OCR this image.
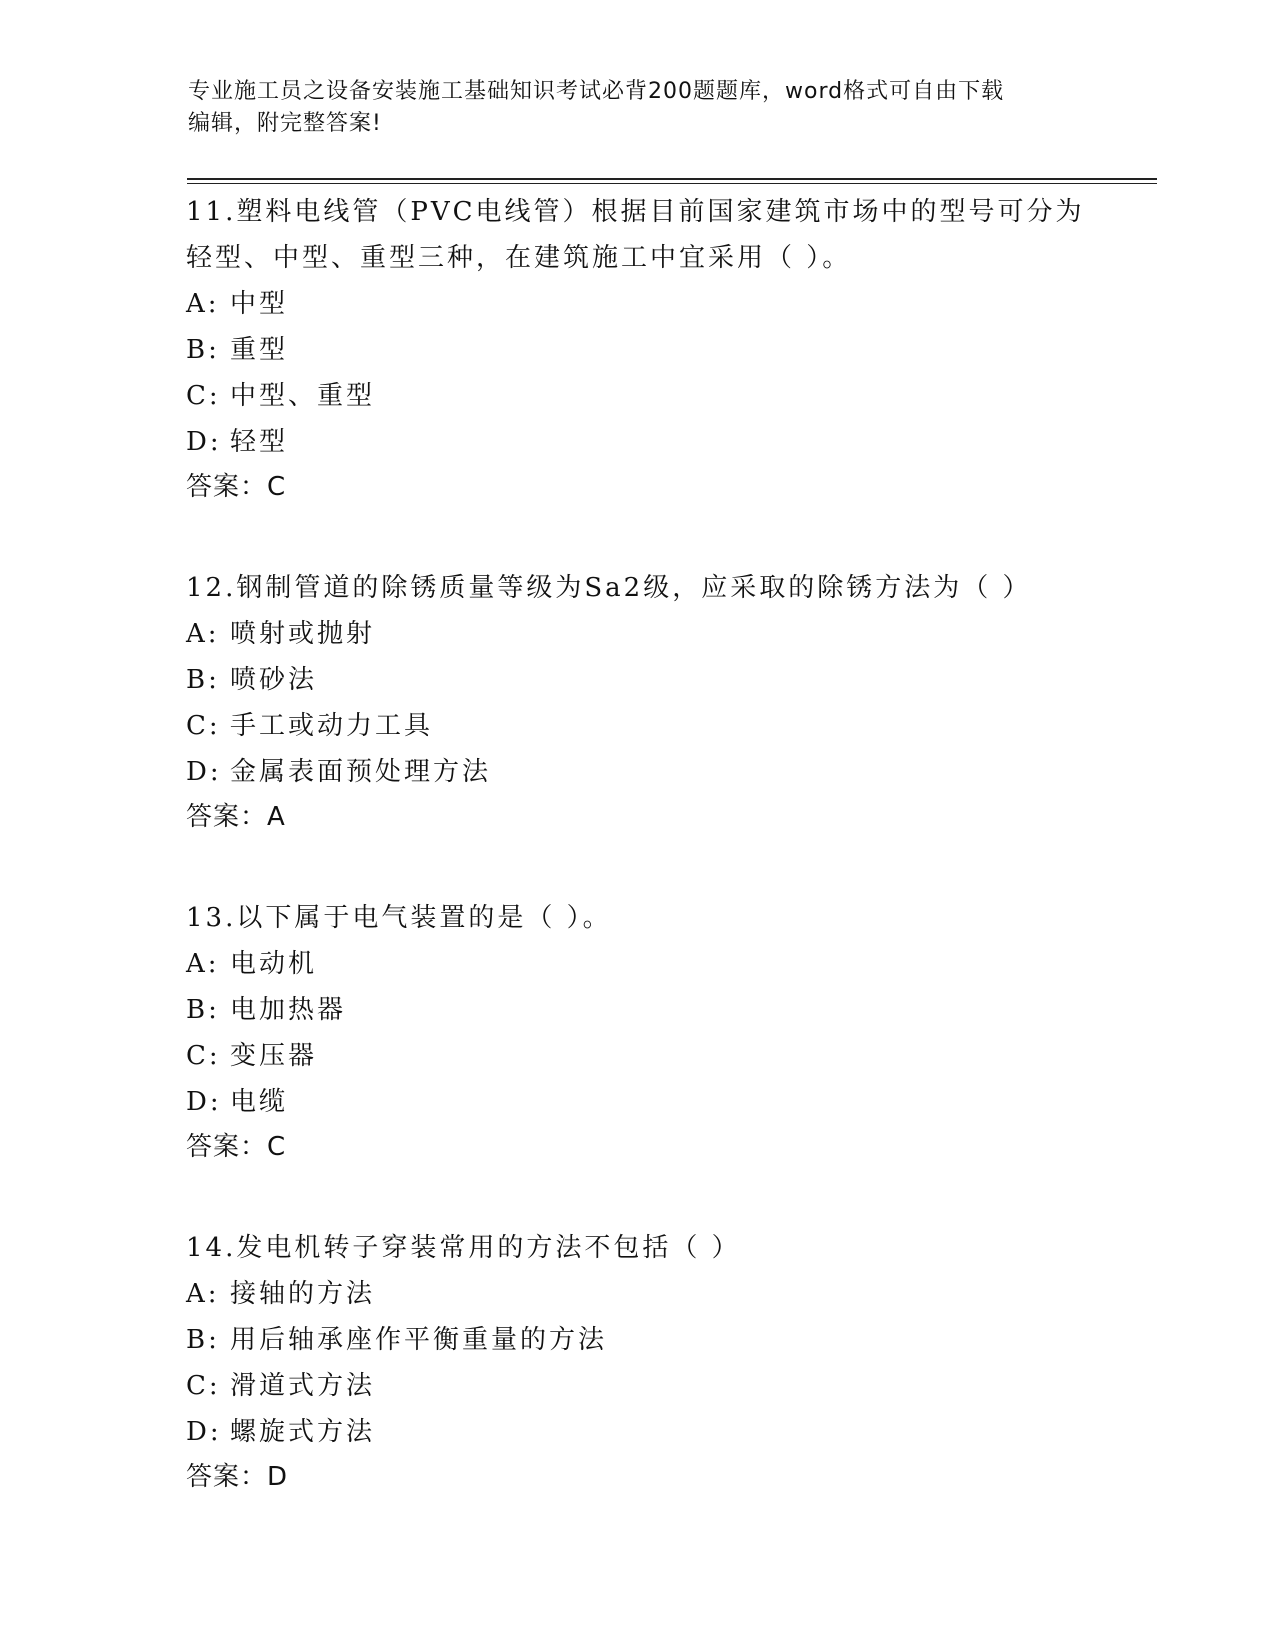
专业施工员之设备安装施工基础知识考试必背200题题库，word格式可自由下载
编辑，附完整答案!
11.塑料电线管（PVC电线管）根据目前国家建筑市场中的型号可分为
轻型、中型、重型三种，在建筑施工中宜采用（ ）。
A: 中型
B: 重型
C: 中型、重型
D: 轻型
答案：C
12.钢制管道的除锈质量等级为Sa2级，应采取的除锈方法为（ ）
A: 喷射或抛射
B: 喷砂法
C: 手工或动力工具
D: 金属表面预处理方法
答案：A
13.以下属于电气装置的是（ ）。
A: 电动机
B: 电加热器
C: 变压器
D: 电缆
答案：C
14.发电机转子穿装常用的方法不包括（ ）
A: 接轴的方法
B: 用后轴承座作平衡重量的方法
C: 滑道式方法
D: 螺旋式方法
答案：D
